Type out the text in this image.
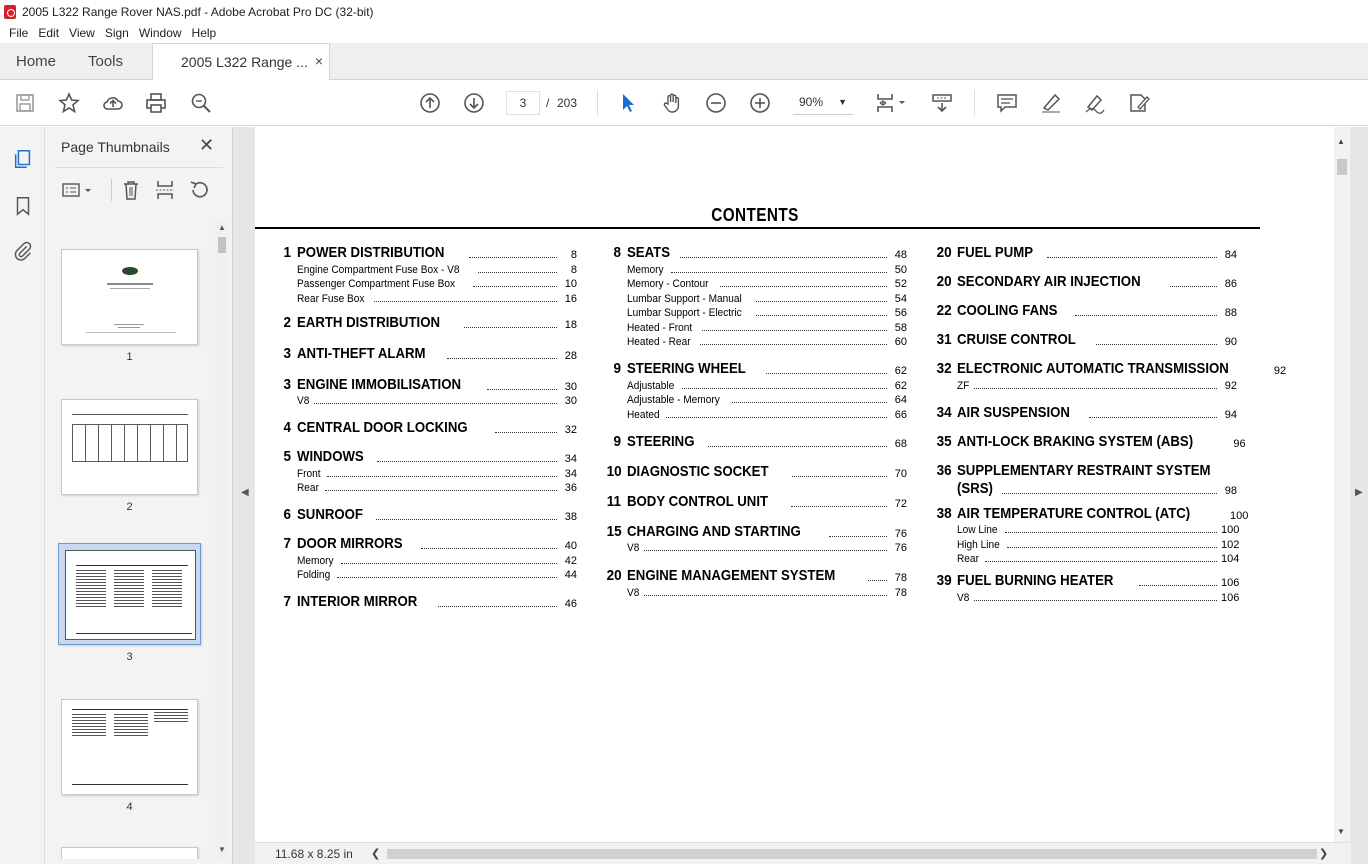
2005 L322 Range Rover NAS.pdf - Adobe Acrobat Pro DC (32-bit)
File Edit View Sign Window Help
Home Tools	2005 L322 Range ... ×
3	/ 203	90% ▼
Page Thumbnails ✕
1
2
3
4
▲
▼
◀
CONTENTS
1 POWER DISTRIBUTION	8
Engine Compartment Fuse Box - V8	8
Passenger Compartment Fuse Box	10
Rear Fuse Box	16
2 EARTH DISTRIBUTION	18
3 ANTI-THEFT ALARM	28
3 ENGINE IMMOBILISATION	30
V8	30
4 CENTRAL DOOR LOCKING	32
5 WINDOWS	34
Front	34
Rear	36
6 SUNROOF	38
7 DOOR MIRRORS	40
Memory	42
Folding	44
7 INTERIOR MIRROR	46
8 SEATS	48
Memory	50
Memory - Contour	52
Lumbar Support - Manual	54
Lumbar Support - Electric	56
Heated - Front	58
Heated - Rear	60
9 STEERING WHEEL	62
Adjustable	62
Adjustable - Memory	64
Heated	66
9 STEERING	68
10 DIAGNOSTIC SOCKET	70
11 BODY CONTROL UNIT	72
15 CHARGING AND STARTING	76
V8	76
20 ENGINE MANAGEMENT SYSTEM	78
V8	78
20 FUEL PUMP	84
20 SECONDARY AIR INJECTION	86
22 COOLING FANS	88
31 CRUISE CONTROL	90
32 ELECTRONIC AUTOMATIC TRANSMISSION	92
ZF	92
34 AIR SUSPENSION	94
35 ANTI-LOCK BRAKING SYSTEM (ABS)	96
36 SUPPLEMENTARY RESTRAINT SYSTEM
(SRS)	98
38 AIR TEMPERATURE CONTROL (ATC)	100
Low Line	100
High Line	102
Rear	104
39 FUEL BURNING HEATER	106
V8	106
▲
▼
▶
11.68 x 8.25 in ❮	❯
